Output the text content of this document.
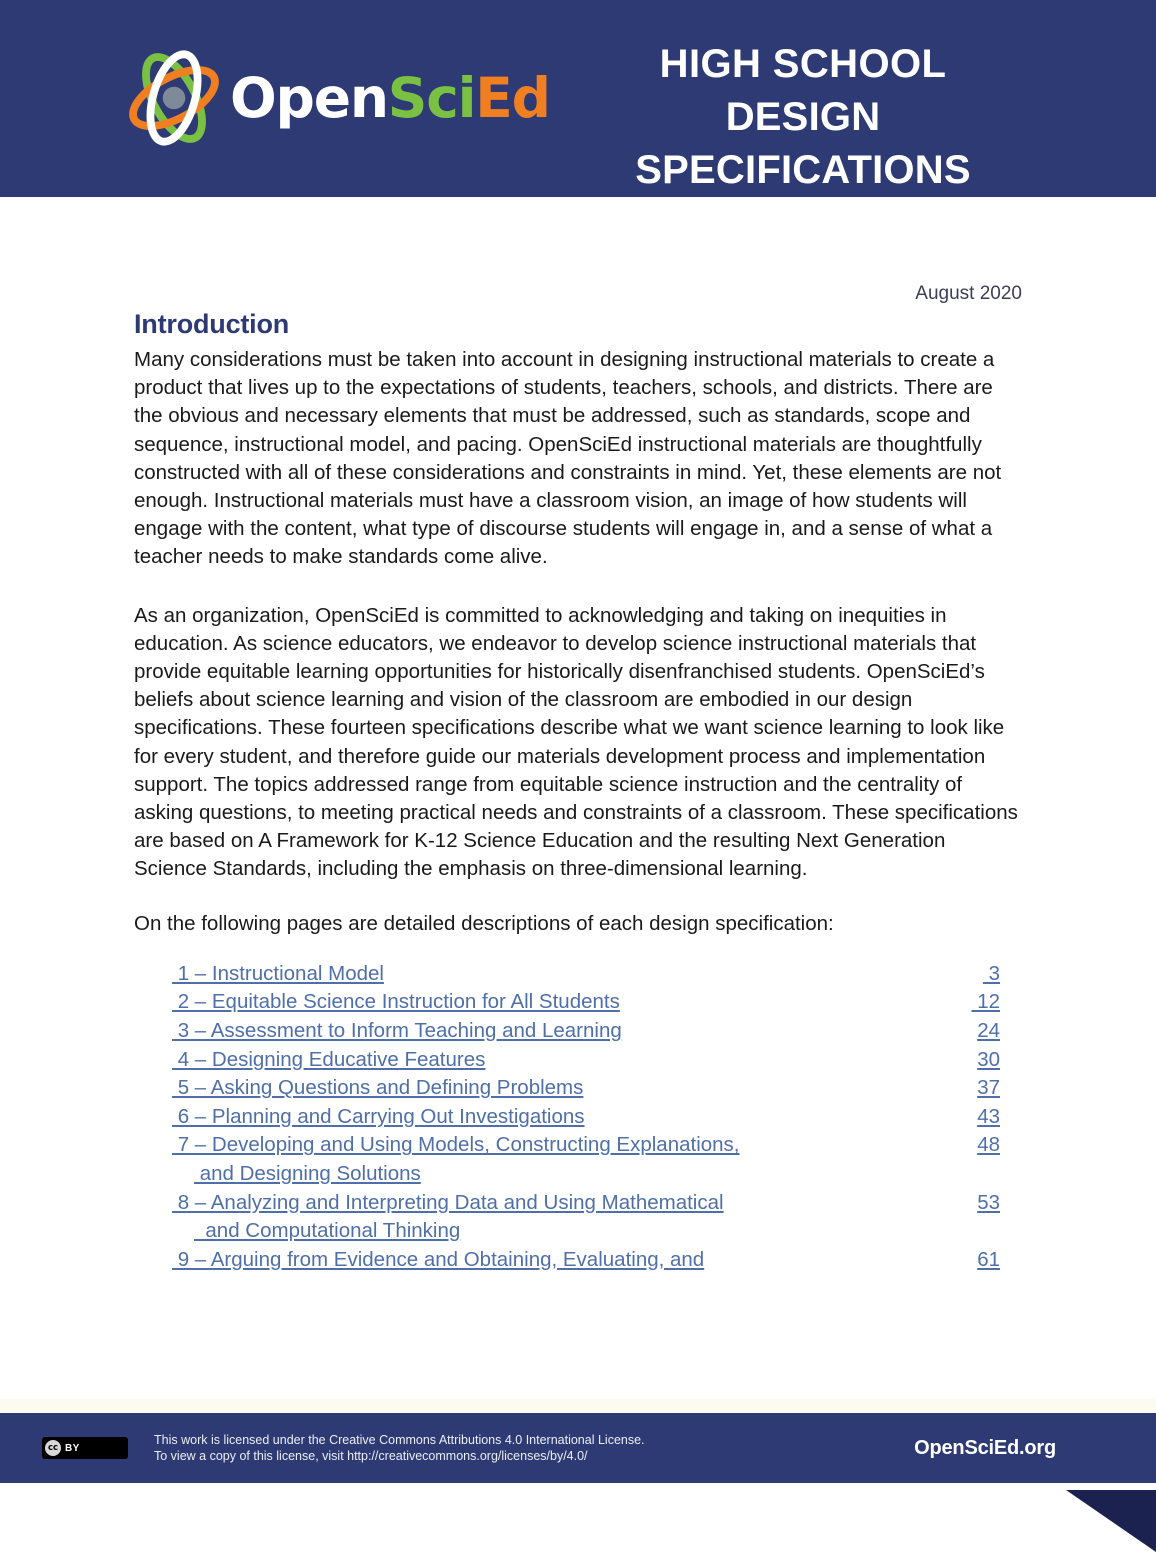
OpenSciEd
HIGH SCHOOL
DESIGN SPECIFICATIONS
August 2020
Introduction

Many considerations must be taken into account in designing instructional materials to create a product that lives up to the expectations of students, teachers, schools, and districts. There are the obvious and necessary elements that must be addressed, such as standards, scope and sequence, instructional model, and pacing. OpenSciEd instructional materials are thoughtfully constructed with all of these considerations and constraints in mind. Yet, these elements are not enough. Instructional materials must have a classroom vision, an image of how students will engage with the content, what type of discourse students will engage in, and a sense of what a teacher needs to make standards come alive.

As an organization, OpenSciEd is committed to acknowledging and taking on inequities in education. As science educators, we endeavor to develop science instructional materials that provide equitable learning opportunities for historically disenfranchised students. OpenSciEd’s beliefs about science learning and vision of the classroom are embodied in our design specifications. These fourteen specifications describe what we want science learning to look like for every student, and therefore guide our materials development process and implementation support. The topics addressed range from equitable science instruction and the centrality of asking questions, to meeting practical needs and constraints of a classroom. These specifications are based on A Framework for K-12 Science Education and the resulting Next Generation Science Standards, including the emphasis on three-dimensional learning.

On the following pages are detailed descriptions of each design specification:

1 – Instructional Model	3
2 – Equitable Science Instruction for All Students	12
3 – Assessment to Inform Teaching and Learning	24
4 – Designing Educative Features	30
5 – Asking Questions and Defining Problems	37
6 – Planning and Carrying Out Investigations	43
7 – Developing and Using Models, Constructing Explanations,	48
and Designing Solutions
8 – Analyzing and Interpreting Data and Using Mathematical	53
and Computational Thinking
9 – Arguing from Evidence and Obtaining, Evaluating, and	61
cc BY
This work is licensed under the Creative Commons Attributions 4.0 International License.
To view a copy of this license, visit http://creativecommons.org/licenses/by/4.0/	OpenSciEd.org
